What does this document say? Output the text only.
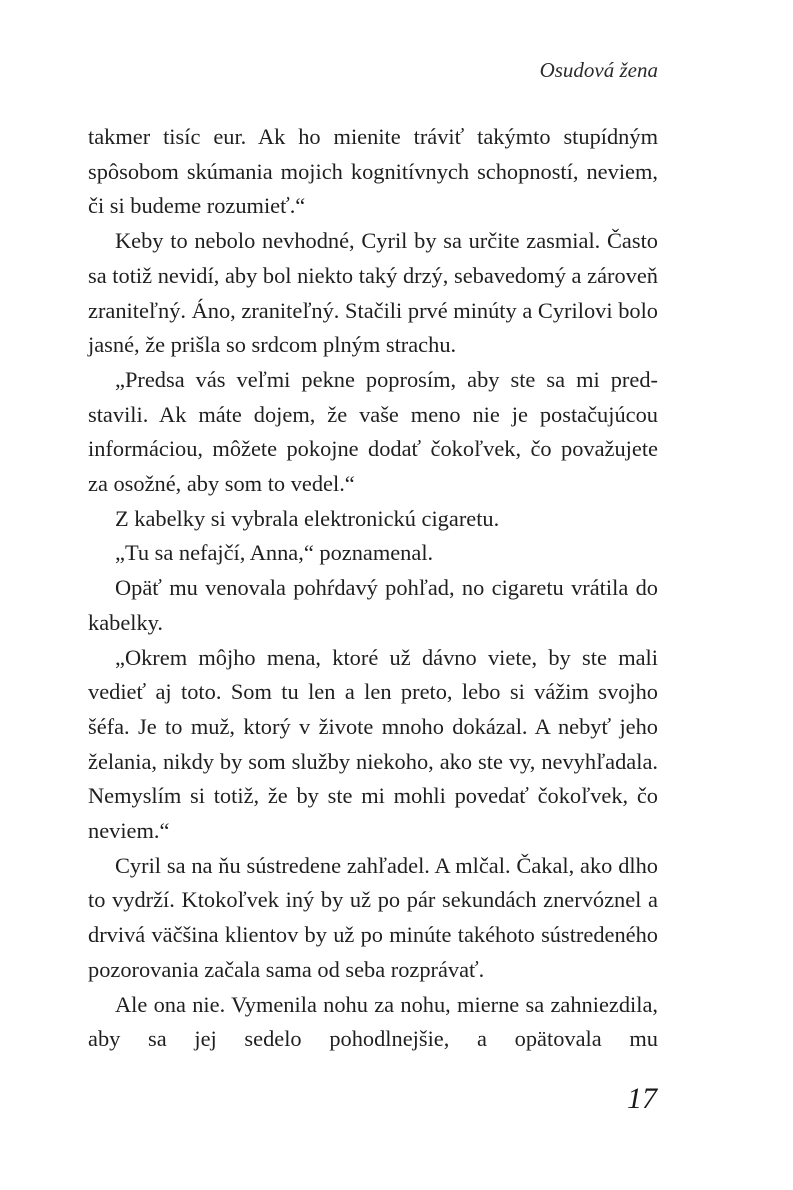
Osudová žena

takmer tisíc eur. Ak ho mienite tráviť takýmto stupídným spôsobom skúmania mojich kognitívnych schopností, neviem, či si budeme rozumieť.“

Keby to nebolo nevhodné, Cyril by sa určite zasmial. Často sa totiž nevidí, aby bol niekto taký drzý, sebavedomý a zároveň zraniteľný. Áno, zraniteľný. Stačili prvé minúty a Cyrilovi bolo jasné, že prišla so srdcom plným strachu.

„Predsa vás veľmi pekne poprosím, aby ste sa mi predstavili. Ak máte dojem, že vaše meno nie je postačujúcou informáciou, môžete pokojne dodať čokoľvek, čo považujete za osožné, aby som to vedel.“

Z kabelky si vybrala elektronickú cigaretu.

„Tu sa nefajčí, Anna,“ poznamenal.

Opäť mu venovala pohŕdavý pohľad, no cigaretu vrátila do kabelky.

„Okrem môjho mena, ktoré už dávno viete, by ste mali vedieť aj toto. Som tu len a len preto, lebo si vážim svojho šéfa. Je to muž, ktorý v živote mnoho dokázal. A nebyť jeho želania, nikdy by som služby niekoho, ako ste vy, nevyhľadala. Nemyslím si totiž, že by ste mi mohli povedať čokoľvek, čo neviem.“

Cyril sa na ňu sústredene zahľadel. A mlčal. Čakal, ako dlho to vydrží. Ktokoľvek iný by už po pár sekundách znervóznel a drvivá väčšina klientov by už po minúte takéhoto sústredeného pozorovania začala sama od seba rozprávať.

Ale ona nie. Vymenila nohu za nohu, mierne sa zahniezdila, aby sa jej sedelo pohodlnejšie, a opätovala mu

17
